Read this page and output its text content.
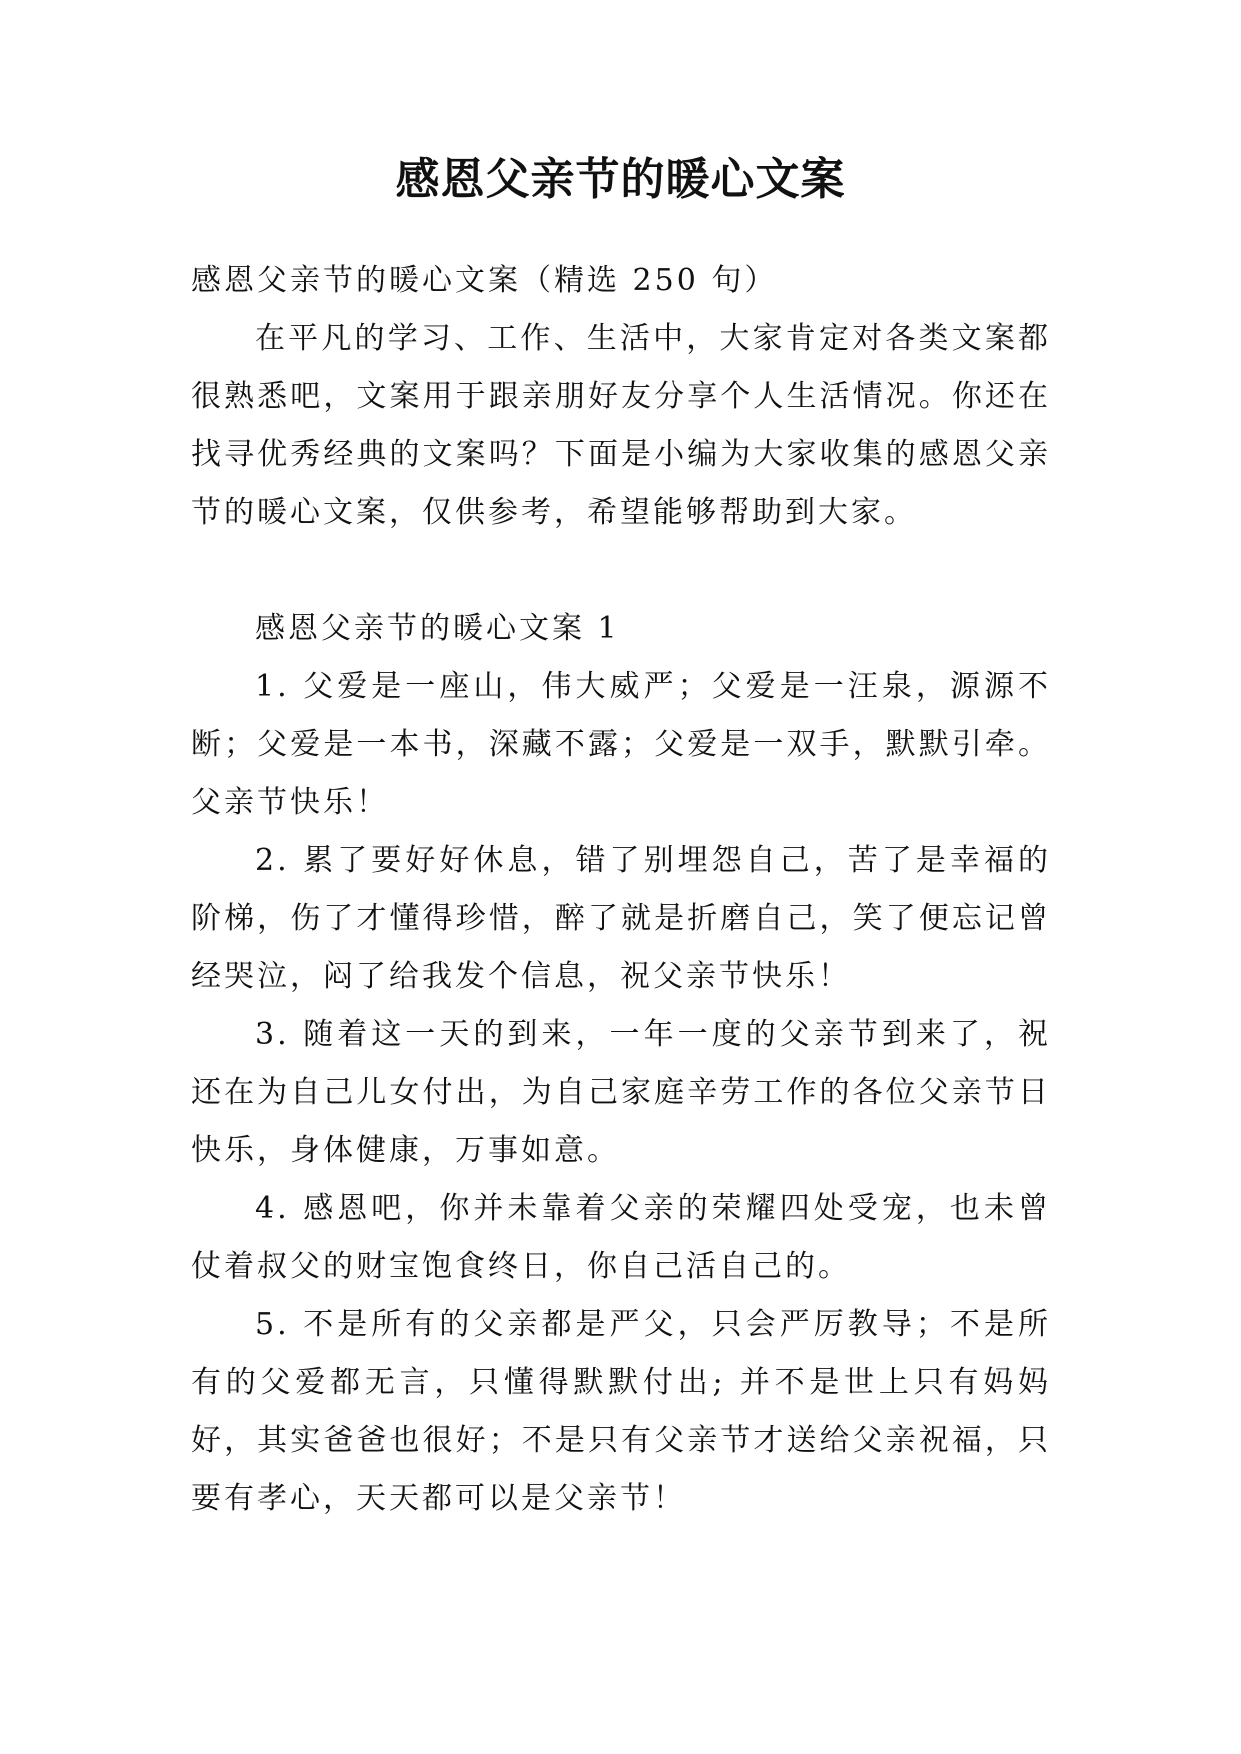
感恩父亲节的暖心文案

感恩父亲节的暖心文案（精选 250 句）

在平凡的学习、工作、生活中，大家肯定对各类文案都很熟悉吧，文案用于跟亲朋好友分享个人生活情况。你还在找寻优秀经典的文案吗？下面是小编为大家收集的感恩父亲节的暖心文案，仅供参考，希望能够帮助到大家。

感恩父亲节的暖心文案 1

1. 父爱是一座山，伟大威严；父爱是一汪泉，源源不断；父爱是一本书，深藏不露；父爱是一双手，默默引牵。父亲节快乐！

2. 累了要好好休息，错了别埋怨自己，苦了是幸福的阶梯，伤了才懂得珍惜，醉了就是折磨自己，笑了便忘记曾经哭泣，闷了给我发个信息，祝父亲节快乐！

3. 随着这一天的到来，一年一度的父亲节到来了，祝还在为自己儿女付出，为自己家庭辛劳工作的各位父亲节日快乐，身体健康，万事如意。

4. 感恩吧，你并未靠着父亲的荣耀四处受宠，也未曾仗着叔父的财宝饱食终日，你自己活自己的。

5. 不是所有的父亲都是严父，只会严厉教导；不是所有的父爱都无言，只懂得默默付出; 并不是世上只有妈妈好，其实爸爸也很好；不是只有父亲节才送给父亲祝福，只要有孝心，天天都可以是父亲节！
